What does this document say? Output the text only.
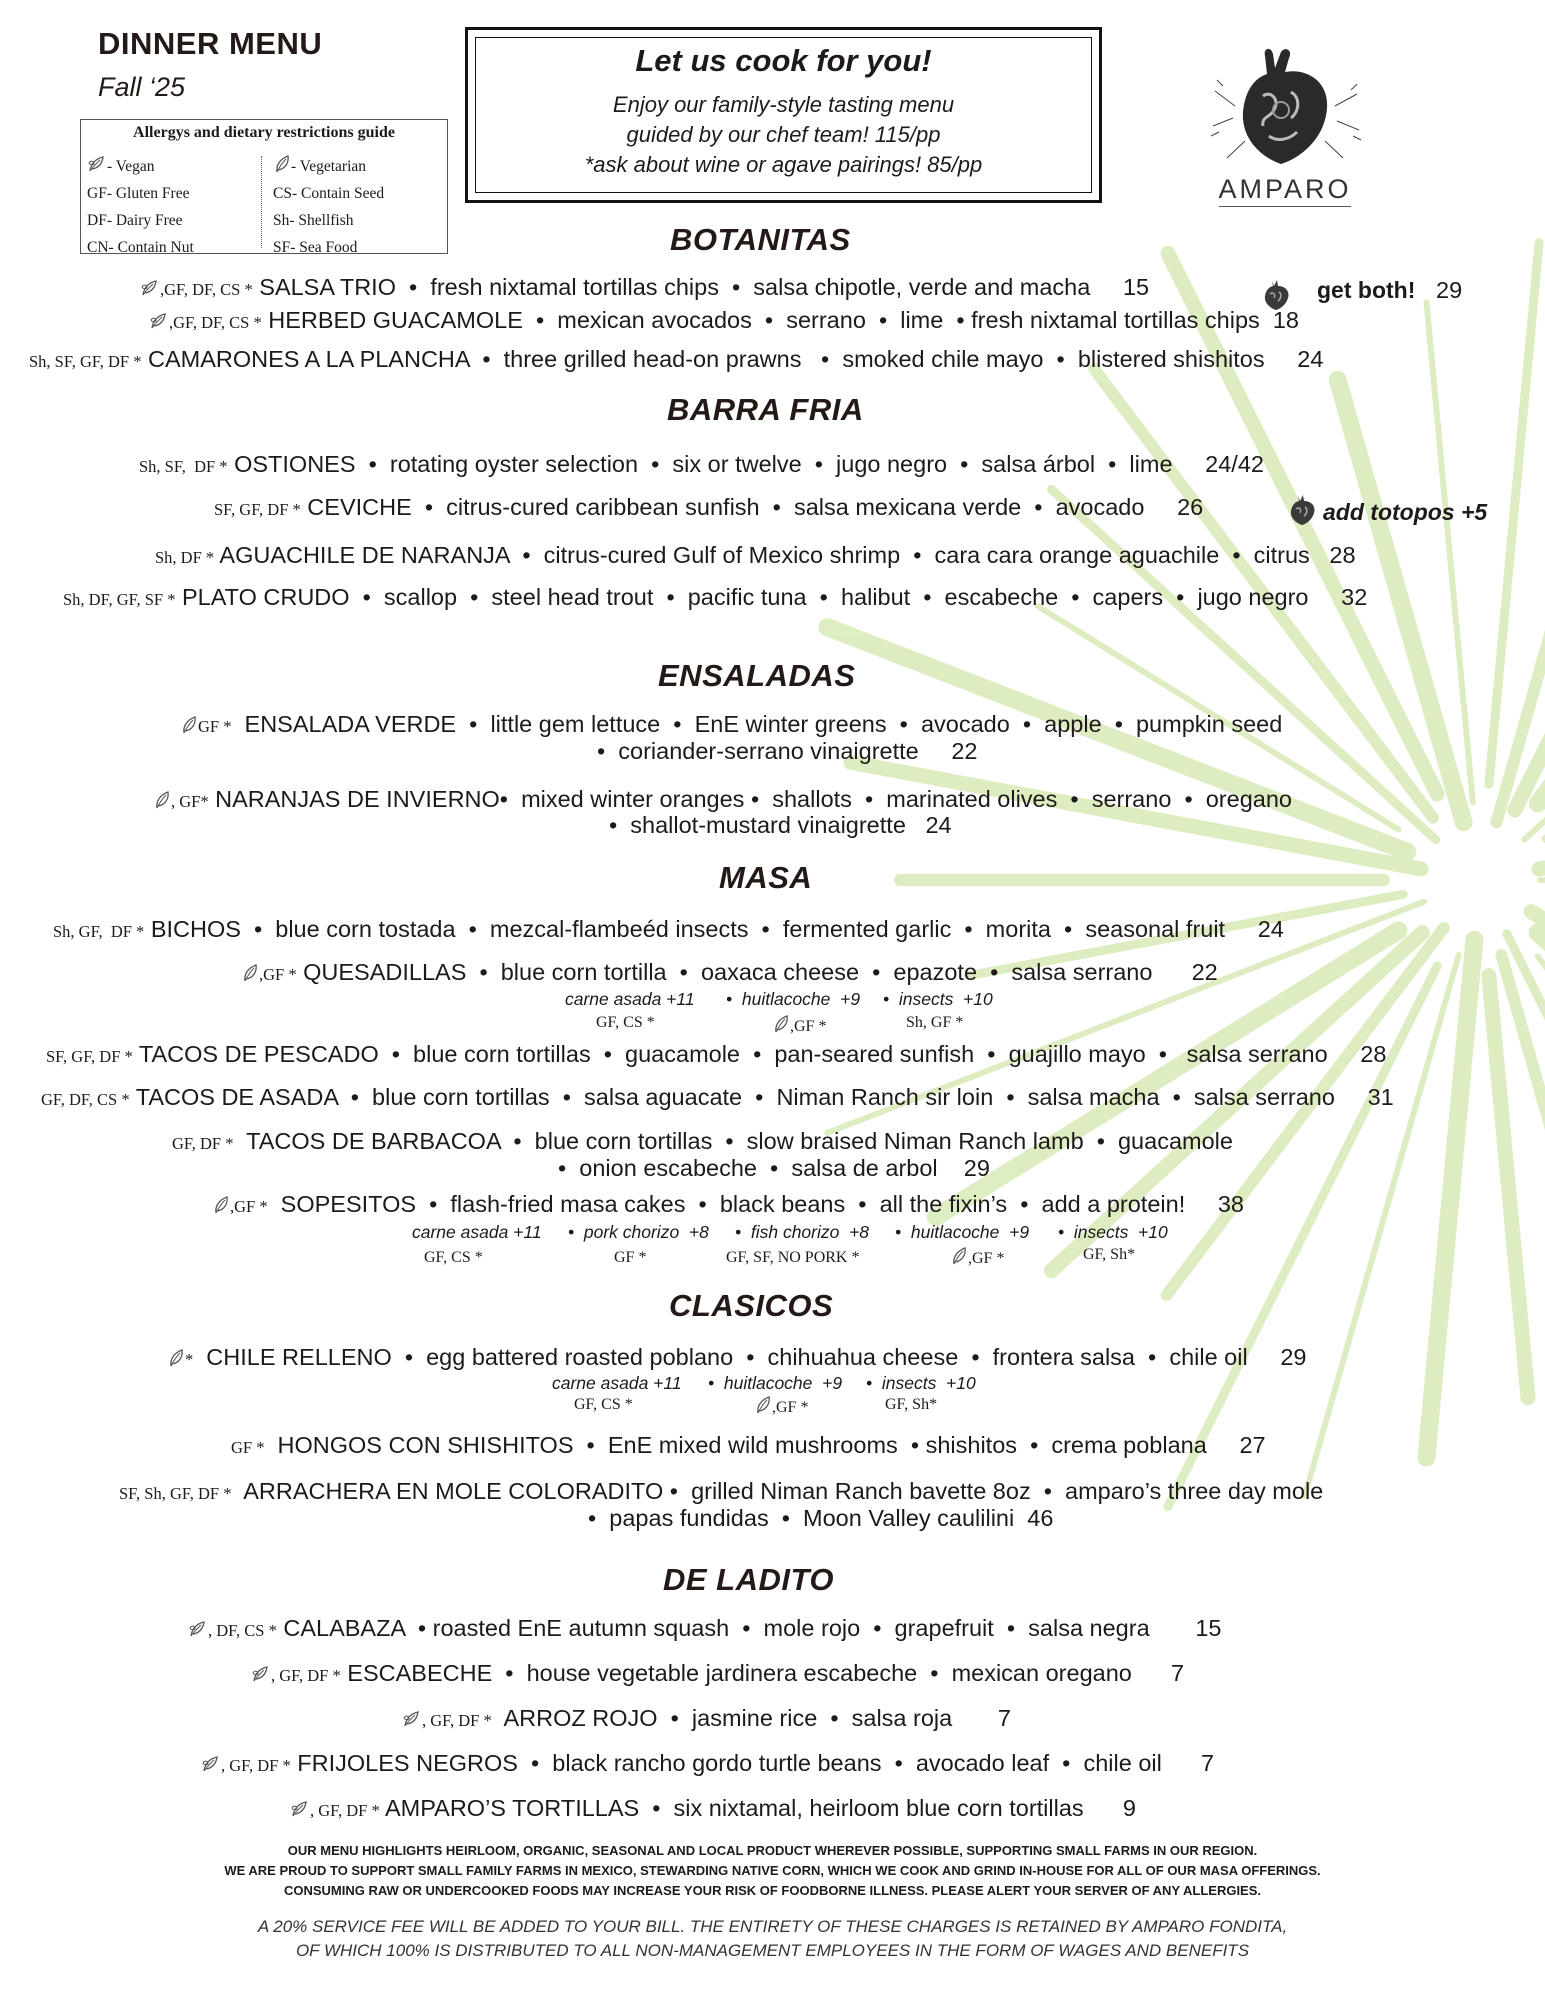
DINNER MENU
Fall ‘25
Allergys and dietary restrictions guide
- Vegan
GF- Gluten Free
DF- Dairy Free
CN- Contain Nut
- Vegetarian
CS- Contain Seed
Sh- Shellfish
SF- Sea Food
Let us cook for you!
Enjoy our family-style tasting menu
guided by our chef team! 115/pp
*ask about wine or agave pairings! 85/pp
AMPARO
BOTANITAS
BARRA FRIA
ENSALADAS
MASA
CLASICOS
DE LADITO
,GF, DF, CS * SALSA TRIO  •  fresh nixtamal tortillas chips  •  salsa chipotle, verde and macha     15	get both! 29
,GF, DF, CS * HERBED GUACAMOLE  •  mexican avocados  •  serrano  •  lime  • fresh nixtamal tortillas chips  18
Sh, SF, GF, DF * CAMARONES A LA PLANCHA  •  three grilled head-on prawns   •  smoked chile mayo  •  blistered shishitos     24
Sh, SF,  DF * OSTIONES  •  rotating oyster selection  •  six or twelve  •  jugo negro  •  salsa árbol  •  lime     24/42
SF, GF, DF * CEVICHE  •  citrus-cured caribbean sunfish  •  salsa mexicana verde  •  avocado     26	add totopos +5
Sh, DF * AGUACHILE DE NARANJA  •  citrus-cured Gulf of Mexico shrimp  •  cara cara orange aguachile  •  citrus   28
Sh, DF, GF, SF * PLATO CRUDO  •  scallop  •  steel head trout  •  pacific tuna  •  halibut  •  escabeche  •  capers  •  jugo negro     32
GF *  ENSALADA VERDE  •  little gem lettuce  •  EnE winter greens  •  avocado  •  apple  •  pumpkin seed
•  coriander-serrano vinaigrette     22
, GF* NARANJAS DE INVIERNO•  mixed winter oranges •  shallots  •  marinated olives  •  serrano  •  oregano
•  shallot-mustard vinaigrette   24
Sh, GF,  DF * BICHOS  •  blue corn tostada  •  mezcal-flambeéd insects  •  fermented garlic  •  morita  •  seasonal fruit     24
,GF * QUESADILLAS  •  blue corn tortilla  •  oaxaca cheese  •  epazote  •  salsa serrano      22
carne asada +11 •  huitlacoche  +9 •  insects  +10
GF, CS *	,GF *	Sh, GF *
SF, GF, DF * TACOS DE PESCADO  •  blue corn tortillas  •  guacamole  •  pan-seared sunfish  •  guajillo mayo  •   salsa serrano     28
GF, DF, CS * TACOS DE ASADA  •  blue corn tortillas  •  salsa aguacate  •  Niman Ranch sir loin  •  salsa macha  •  salsa serrano     31
GF, DF *  TACOS DE BARBACOA  •  blue corn tortillas  •  slow braised Niman Ranch lamb  •  guacamole
•  onion escabeche  •  salsa de arbol    29
,GF *  SOPESITOS  •  flash-fried masa cakes  •  black beans  •  all the fixin’s  •  add a protein!     38
carne asada +11 •  pork chorizo  +8 •  fish chorizo  +8 •  huitlacoche  +9 •  insects  +10
GF, CS *	GF *	GF, SF, NO PORK *	,GF *	GF, Sh*
*  CHILE RELLENO  •  egg battered roasted poblano  •  chihuahua cheese  •  frontera salsa  •  chile oil     29
carne asada +11 •  huitlacoche  +9 •  insects  +10
GF, CS *	,GF *	GF, Sh*
GF *  HONGOS CON SHISHITOS  •  EnE mixed wild mushrooms  • shishitos  •  crema poblana     27
SF, Sh, GF, DF *  ARRACHERA EN MOLE COLORADITO •  grilled Niman Ranch bavette 8oz  •  amparo’s three day mole
•  papas fundidas  •  Moon Valley caulilini  46
, DF, CS * CALABAZA  • roasted EnE autumn squash  •  mole rojo  •  grapefruit  •  salsa negra       15
, GF, DF * ESCABECHE  •  house vegetable jardinera escabeche  •  mexican oregano      7
, GF, DF *  ARROZ ROJO  •  jasmine rice  •  salsa roja       7
, GF, DF * FRIJOLES NEGROS  •  black rancho gordo turtle beans  •  avocado leaf  •  chile oil      7
, GF, DF * AMPARO’S TORTILLAS  •  six nixtamal, heirloom blue corn tortillas      9
OUR MENU HIGHLIGHTS HEIRLOOM, ORGANIC, SEASONAL AND LOCAL PRODUCT WHEREVER POSSIBLE, SUPPORTING SMALL FARMS IN OUR REGION.
WE ARE PROUD TO SUPPORT SMALL FAMILY FARMS IN MEXICO, STEWARDING NATIVE CORN, WHICH WE COOK AND GRIND IN-HOUSE FOR ALL OF OUR MASA OFFERINGS.
CONSUMING RAW OR UNDERCOOKED FOODS MAY INCREASE YOUR RISK OF FOODBORNE ILLNESS. PLEASE ALERT YOUR SERVER OF ANY ALLERGIES.
A 20% SERVICE FEE WILL BE ADDED TO YOUR BILL. THE ENTIRETY OF THESE CHARGES IS RETAINED BY AMPARO FONDITA,
OF WHICH 100% IS DISTRIBUTED TO ALL NON-MANAGEMENT EMPLOYEES IN THE FORM OF WAGES AND BENEFITS
